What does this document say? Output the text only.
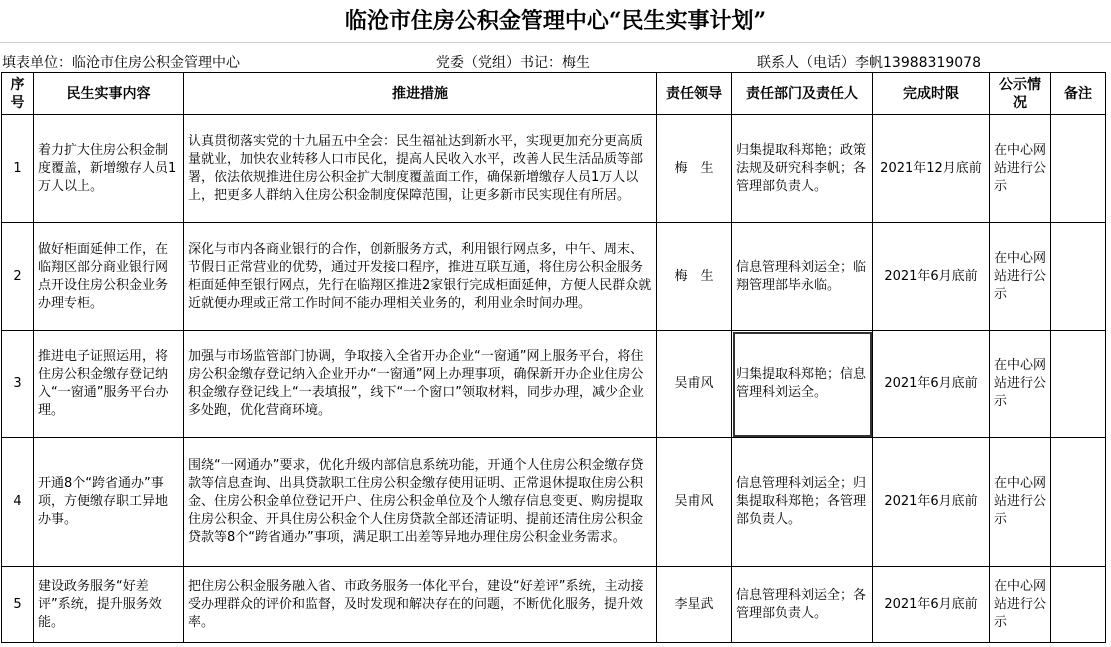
临沧市住房公积金管理中心“民生实事计划”
填表单位：临沧市住房公积金管理中心	党委（党组）书记：梅生	联系人（电话）李帆13988319078
序号	民生实事内容	推进措施	责任领导	责任部门及责任人	完成时限	公示情况	备注
1	着力扩大住房公积金制度覆盖，新增缴存人员1万人以上。	认真贯彻落实党的十九届五中全会：民生福祉达到新水平，实现更加充分更高质量就业，加快农业转移人口市民化，提高人民收入水平，改善人民生活品质等部署，依法依规推进住房公积金扩大制度覆盖面工作，确保新增缴存人员1万人以上，把更多人群纳入住房公积金制度保障范围，让更多新市民实现住有所居。	梅　生	归集提取科郑艳；政策法规及研究科李帆；各管理部负责人。	2021年12月底前	在中心网站进行公示	
2	做好柜面延伸工作，在临翔区部分商业银行网点开设住房公积金业务办理专柜。	深化与市内各商业银行的合作，创新服务方式，利用银行网点多，中午、周末、节假日正常营业的优势，通过开发接口程序，推进互联互通，将住房公积金服务柜面延伸至银行网点，先行在临翔区推进2家银行完成柜面延伸，方便人民群众就近就便办理或正常工作时间不能办理相关业务的，利用业余时间办理。	梅　生	信息管理科刘运全；临翔管理部毕永临。	2021年6月底前	在中心网站进行公示	
3	推进电子证照运用，将住房公积金缴存登记纳入“一窗通”服务平台办理。	加强与市场监管部门协调，争取接入全省开办企业“一窗通”网上服务平台，将住房公积金缴存登记纳入企业开办“一窗通”网上办理事项，确保新开办企业住房公积金缴存登记线上“一表填报”，线下“一个窗口”领取材料，同步办理，减少企业多处跑，优化营商环境。	吴甫风	归集提取科郑艳；信息管理科刘运全。	2021年6月底前	在中心网站进行公示	
4	开通8个“跨省通办”事项，方便缴存职工异地办事。	围绕“一网通办”要求，优化升级内部信息系统功能，开通个人住房公积金缴存贷款等信息查询、出具贷款职工住房公积金缴存使用证明、正常退休提取住房公积金、住房公积金单位登记开户、住房公积金单位及个人缴存信息变更、购房提取住房公积金、开具住房公积金个人住房贷款全部还清证明、提前还清住房公积金贷款等8个“跨省通办”事项，满足职工出差等异地办理住房公积金业务需求。	吴甫风	信息管理科刘运全；归集提取科郑艳；各管理部负责人。	2021年6月底前	在中心网站进行公示	
5	建设政务服务“好差评”系统，提升服务效能。	把住房公积金服务融入省、市政务服务一体化平台，建设“好差评”系统，主动接受办理群众的评价和监督，及时发现和解决存在的问题，不断优化服务，提升效率。	李星武	信息管理科刘运全；各管理部负责人。	2021年6月底前	在中心网站进行公示	
